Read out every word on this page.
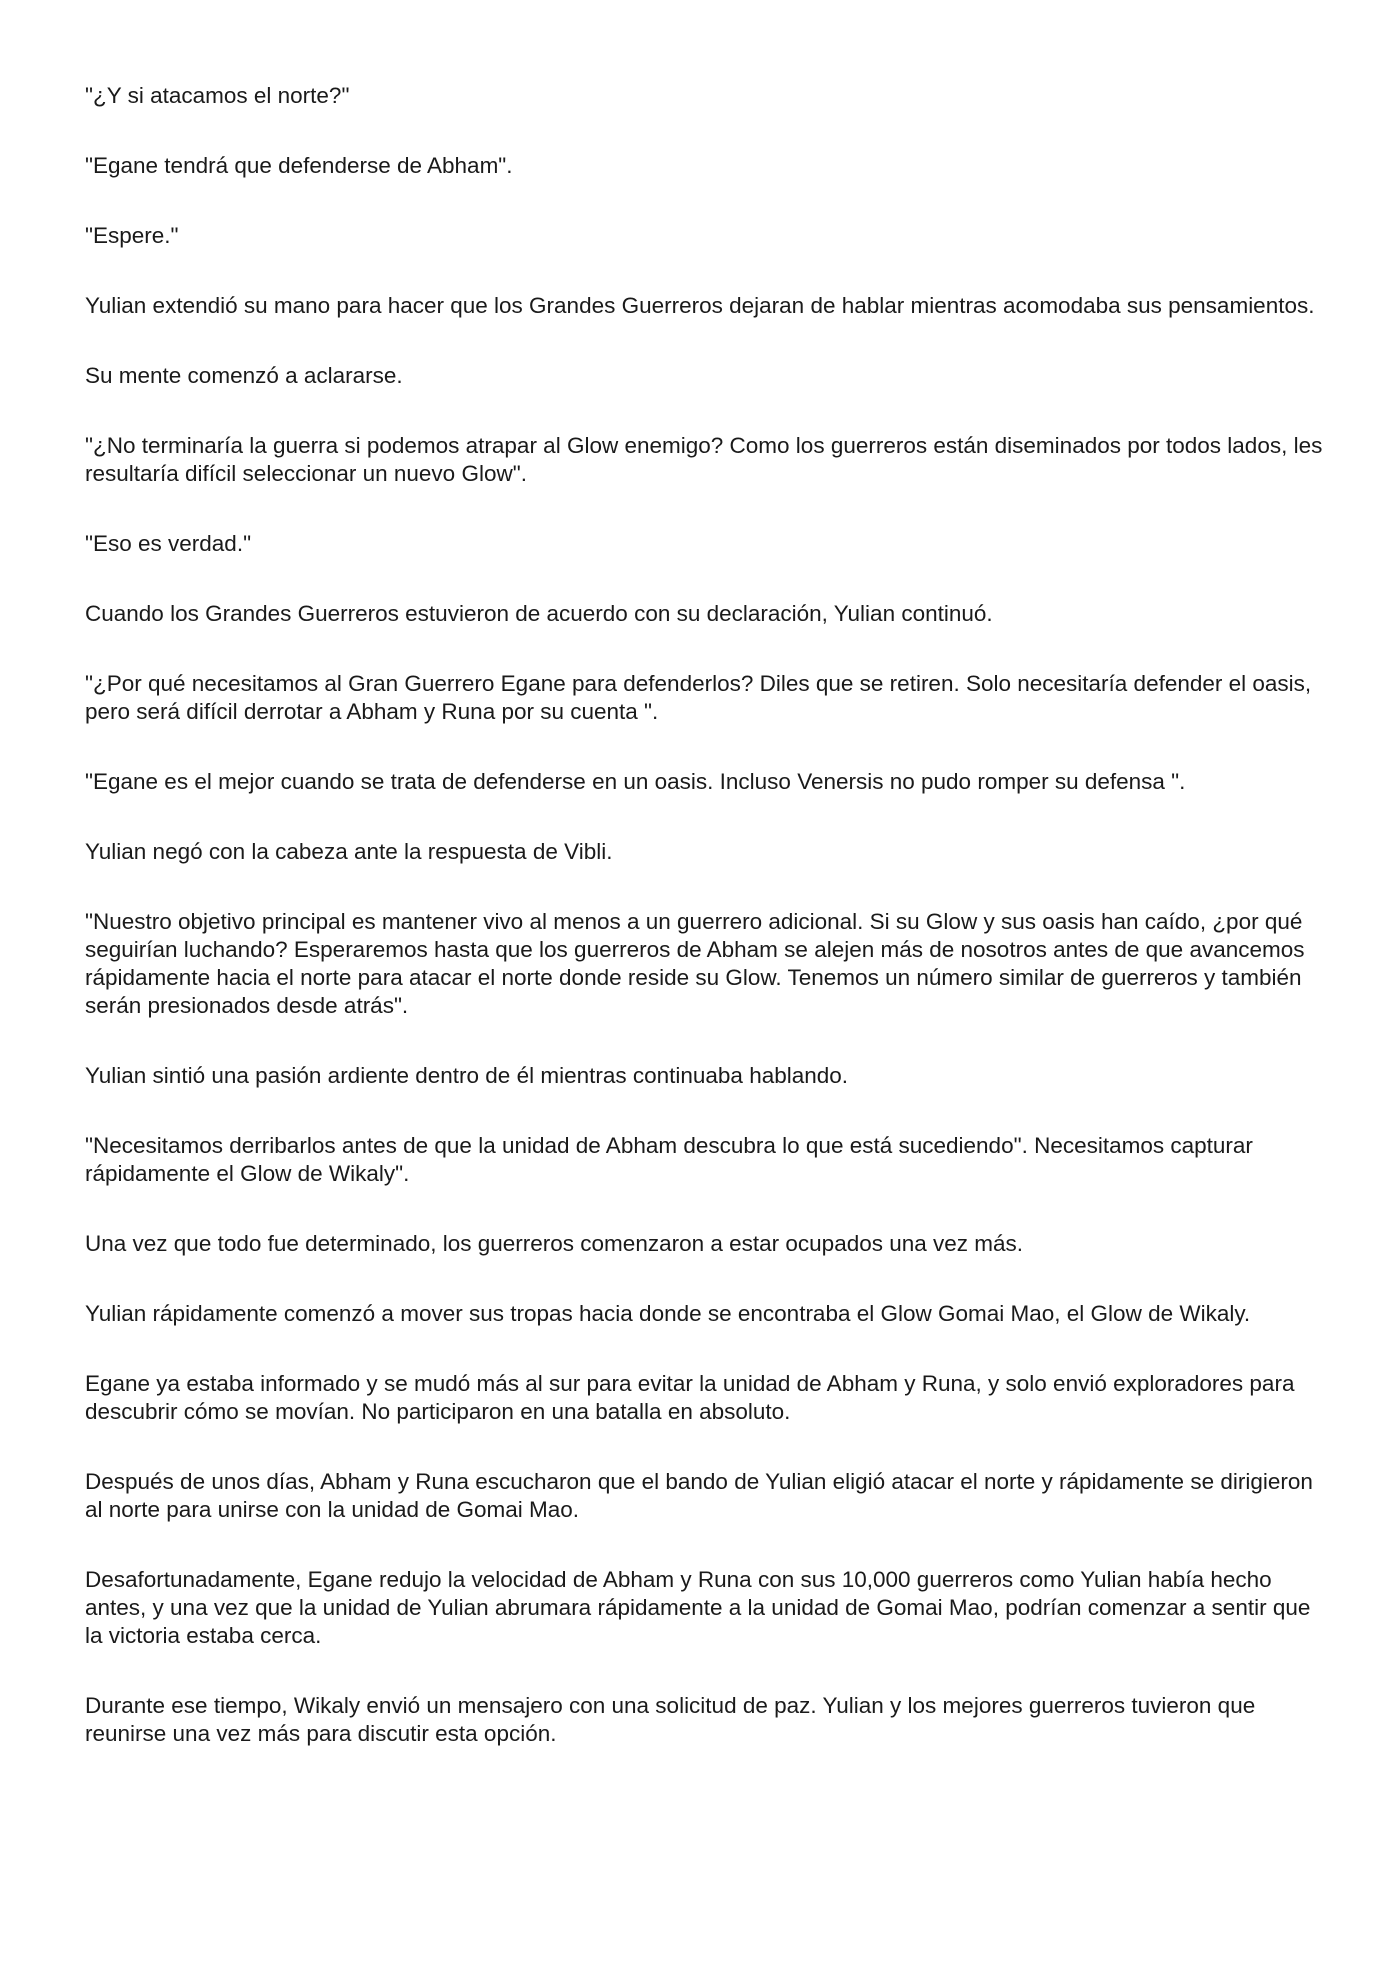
"¿Y si atacamos el norte?"

"Egane tendrá que defenderse de Abham".

"Espere."

Yulian extendió su mano para hacer que los Grandes Guerreros dejaran de hablar mientras acomodaba sus pensamientos.

Su mente comenzó a aclararse.

"¿No terminaría la guerra si podemos atrapar al Glow enemigo? Como los guerreros están diseminados por todos lados, les resultaría difícil seleccionar un nuevo Glow".

"Eso es verdad."

Cuando los Grandes Guerreros estuvieron de acuerdo con su declaración, Yulian continuó.

"¿Por qué necesitamos al Gran Guerrero Egane para defenderlos? Diles que se retiren. Solo necesitaría defender el oasis, pero será difícil derrotar a Abham y Runa por su cuenta ".

"Egane es el mejor cuando se trata de defenderse en un oasis. Incluso Venersis no pudo romper su defensa ".

Yulian negó con la cabeza ante la respuesta de Vibli.

"Nuestro objetivo principal es mantener vivo al menos a un guerrero adicional. Si su Glow y sus oasis han caído, ¿por qué seguirían luchando? Esperaremos hasta que los guerreros de Abham se alejen más de nosotros antes de que avancemos rápidamente hacia el norte para atacar el norte donde reside su Glow. Tenemos un número similar de guerreros y también serán presionados desde atrás".

Yulian sintió una pasión ardiente dentro de él mientras continuaba hablando.

"Necesitamos derribarlos antes de que la unidad de Abham descubra lo que está sucediendo". Necesitamos capturar rápidamente el Glow de Wikaly".

Una vez que todo fue determinado, los guerreros comenzaron a estar ocupados una vez más.

Yulian rápidamente comenzó a mover sus tropas hacia donde se encontraba el Glow Gomai Mao, el Glow de Wikaly.

Egane ya estaba informado y se mudó más al sur para evitar la unidad de Abham y Runa, y solo envió exploradores para descubrir cómo se movían. No participaron en una batalla en absoluto.

Después de unos días, Abham y Runa escucharon que el bando de Yulian eligió atacar el norte y rápidamente se dirigieron al norte para unirse con la unidad de Gomai Mao.

Desafortunadamente, Egane redujo la velocidad de Abham y Runa con sus 10,000 guerreros como Yulian había hecho antes, y una vez que la unidad de Yulian abrumara rápidamente a la unidad de Gomai Mao, podrían comenzar a sentir que la victoria estaba cerca.

Durante ese tiempo, Wikaly envió un mensajero con una solicitud de paz. Yulian y los mejores guerreros tuvieron que reunirse una vez más para discutir esta opción.
